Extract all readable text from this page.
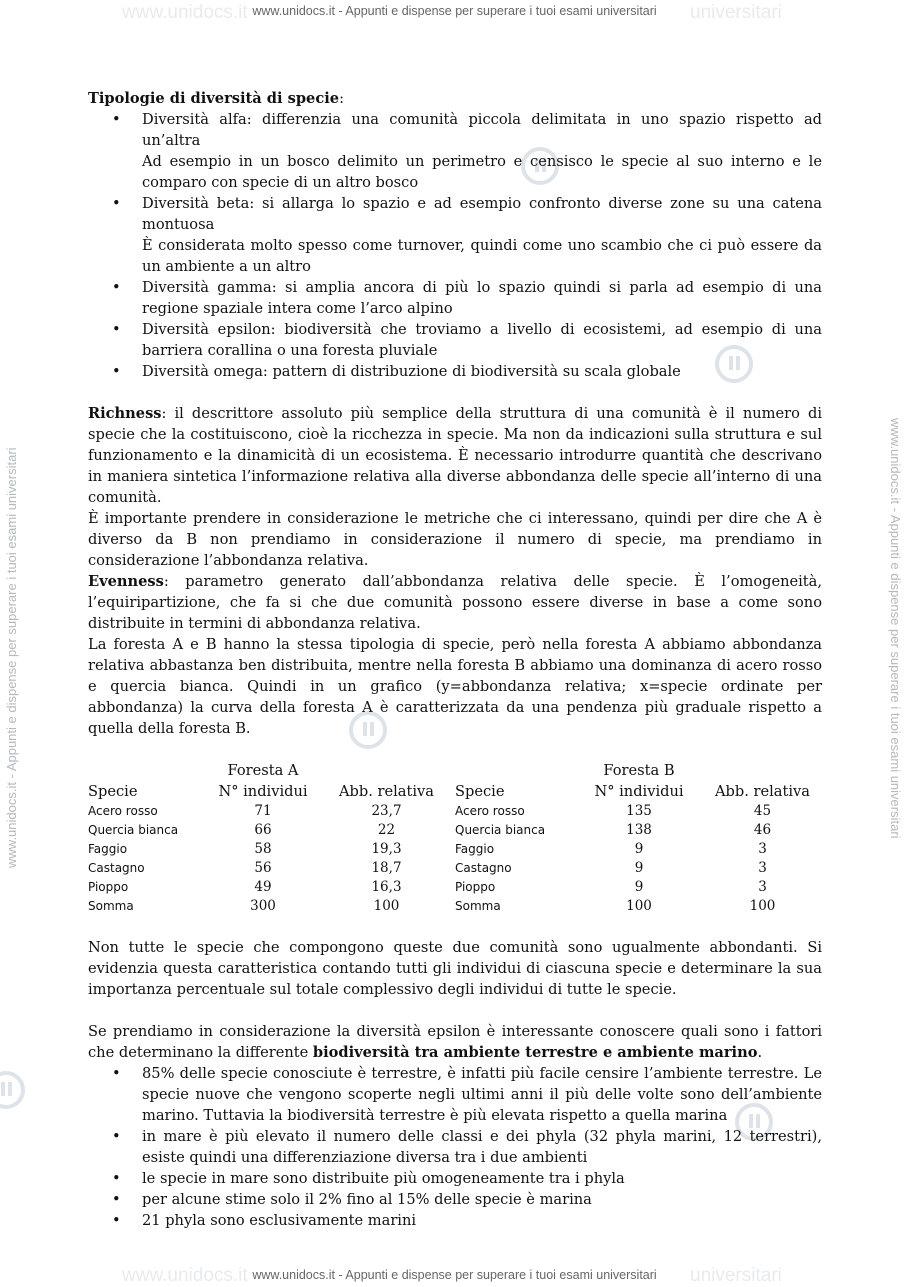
www.unidocs.it - Appunti e dispense per superare i tuoi esami universitari
www.unidocs.it - Appunti e dispense per superare i tuoi esami universitari
www.unidocs.it	universitari
www.unidocs.it	universitari
www.unidocs.it - Appunti e dispense per superare i tuoi esami universitari	www.unidocs.it - Appunti e dispense per superare i tuoi esami universitari
Tipologie di diversità di specie:
• Diversità alfa: differenzia una comunità piccola delimitata in uno spazio rispetto ad un’altra
Ad esempio in un bosco delimito un perimetro e censisco le specie al suo interno e le comparo con specie di un altro bosco
• Diversità beta: si allarga lo spazio e ad esempio confronto diverse zone su una catena montuosa
È considerata molto spesso come turnover, quindi come uno scambio che ci può essere da un ambiente a un altro
• Diversità gamma: si amplia ancora di più lo spazio quindi si parla ad esempio di una regione spaziale intera come l’arco alpino
• Diversità epsilon: biodiversità che troviamo a livello di ecosistemi, ad esempio di una barriera corallina o una foresta pluviale
• Diversità omega: pattern di distribuzione di biodiversità su scala globale

Richness: il descrittore assoluto più semplice della struttura di una comunità è il numero di specie che la costituiscono, cioè la ricchezza in specie. Ma non da indicazioni sulla struttura e sul funzionamento e la dinamicità di un ecosistema. È necessario introdurre quantità che descrivano in maniera sintetica l’informazione relativa alla diverse abbondanza delle specie all’interno di una comunità.

È importante prendere in considerazione le metriche che ci interessano, quindi per dire che A è diverso da B non prendiamo in considerazione il numero di specie, ma prendiamo in considerazione l’abbondanza relativa.

Evenness: parametro generato dall’abbondanza relativa delle specie. È l’omogeneità, l’equiripartizione, che fa si che due comunità possono essere diverse in base a come sono distribuite in termini di abbondanza relativa.

La foresta A e B hanno la stessa tipologia di specie, però nella foresta A abbiamo abbondanza relativa abbastanza ben distribuita, mentre nella foresta B abbiamo una dominanza di acero rosso e quercia bianca. Quindi in un grafico (y=abbondanza relativa; x=specie ordinate per abbondanza) la curva della foresta A è caratterizzata da una pendenza più graduale rispetto a quella della foresta B.

	Foresta A			Foresta B	
Specie	N° individui	Abb. relativa	Specie	N° individui	Abb. relativa
Acero rosso	71	23,7	Acero rosso	135	45
Quercia bianca	66	22	Quercia bianca	138	46
Faggio	58	19,3	Faggio	9	3
Castagno	56	18,7	Castagno	9	3
Pioppo	49	16,3	Pioppo	9	3
Somma	300	100	Somma	100	100

Non tutte le specie che compongono queste due comunità sono ugualmente abbondanti. Si evidenzia questa caratteristica contando tutti gli individui di ciascuna specie e determinare la sua importanza percentuale sul totale complessivo degli individui di tutte le specie.

Se prendiamo in considerazione la diversità epsilon è interessante conoscere quali sono i fattori che determinano la differente biodiversità tra ambiente terrestre e ambiente marino.

• 85% delle specie conosciute è terrestre, è infatti più facile censire l’ambiente terrestre. Le specie nuove che vengono scoperte negli ultimi anni il più delle volte sono dell’ambiente marino. Tuttavia la biodiversità terrestre è più elevata rispetto a quella marina
• in mare è più elevato il numero delle classi e dei phyla (32 phyla marini, 12 terrestri), esiste quindi una differenziazione diversa tra i due ambienti
• le specie in mare sono distribuite più omogeneamente tra i phyla
• per alcune stime solo il 2% fino al 15% delle specie è marina
• 21 phyla sono esclusivamente marini
